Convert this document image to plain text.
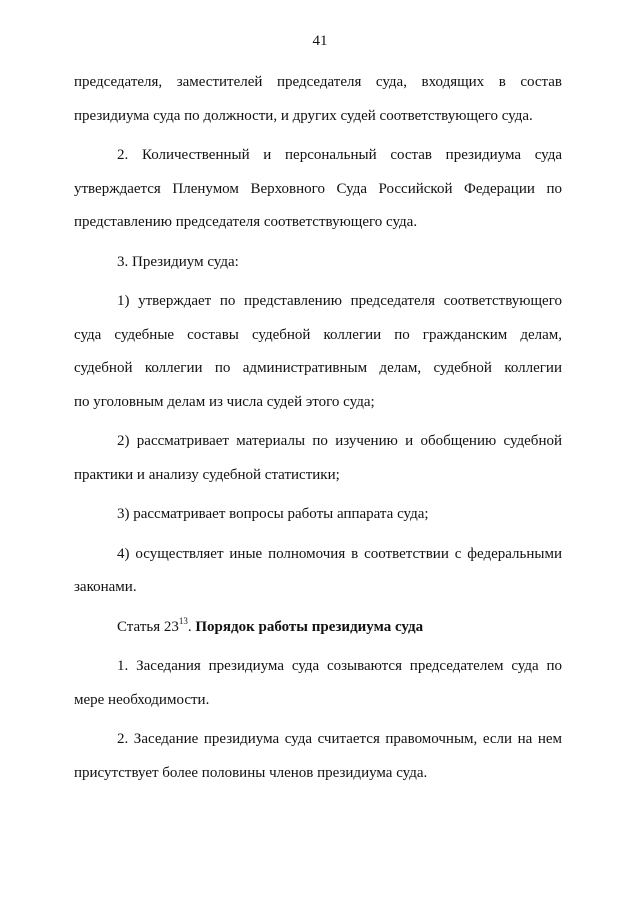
41
председателя, заместителей председателя суда, входящих в состав
президиума суда по должности, и других судей соответствующего суда.
2. Количественный и персональный состав президиума суда
утверждается Пленумом Верховного Суда Российской Федерации по
представлению председателя соответствующего суда.
3. Президиум суда:
1) утверждает по представлению председателя соответствующего
суда судебные составы судебной коллегии по гражданским делам,
судебной коллегии по административным делам, судебной коллегии
по уголовным делам из числа судей этого суда;
2) рассматривает материалы по изучению и обобщению судебной
практики и анализу судебной статистики;
3) рассматривает вопросы работы аппарата суда;
4) осуществляет иные полномочия в соответствии с федеральными
законами.
Статья $23^{13}$. Порядок работы президиума суда
1. Заседания президиума суда созываются председателем суда по
мере необходимости.
2. Заседание президиума суда считается правомочным, если на нем
присутствует более половины членов президиума суда.
